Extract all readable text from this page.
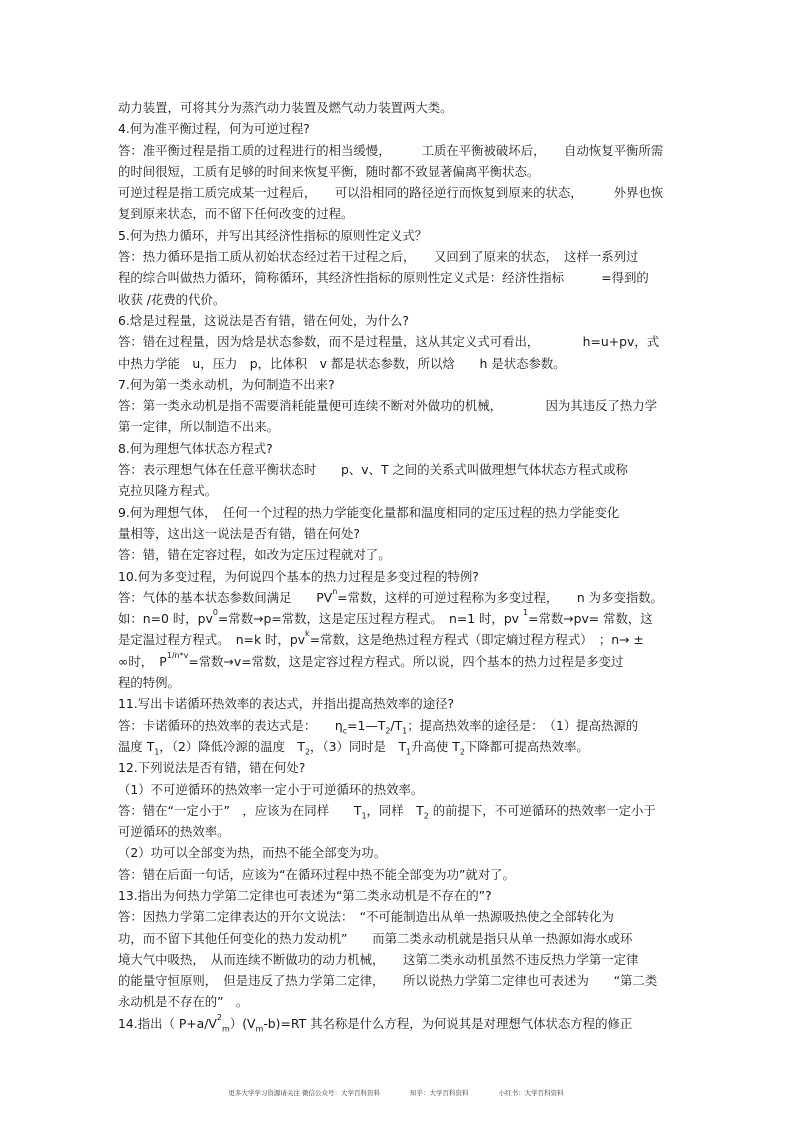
动力装置，可将其分为蒸汽动力装置及燃气动力装置两大类。
4.何为准平衡过程，何为可逆过程?
答：准平衡过程是指工质的过程进行的相当缓慢，　　　工质在平衡被破坏后，　　自动恢复平衡所需
的时间很短，工质有足够的时间来恢复平衡，随时都不致显著偏离平衡状态。
可逆过程是指工质完成某一过程后，　　可以沿相同的路径逆行而恢复到原来的状态，　　　外界也恢
复到原来状态，而不留下任何改变的过程。
5.何为热力循环，并写出其经济性指标的原则性定义式？
答：热力循环是指工质从初始状态经过若干过程之后，　　又回到了原来的状态，　这样一系列过
程的综合叫做热力循环，简称循环，其经济性指标的原则性定义式是：经济性指标　　　=得到的
收获 /花费的代价。
6.焓是过程量，这说法是否有错，错在何处，为什么?
答：错在过程量，因为焓是状态参数，而不是过程量，这从其定义式可看出，　　　　h=u+pv，式
中热力学能　u，压力　p，比体积　v 都是状态参数，所以焓　　h 是状态参数。
7.何为第一类永动机，为何制造不出来?
答：第一类永动机是指不需要消耗能量便可连续不断对外做功的机械，　　　　因为其违反了热力学
第一定律，所以制造不出来。
8.何为理想气体状态方程式?
答：表示理想气体在任意平衡状态时　　p、v、T 之间的关系式叫做理想气体状态方程式或称
克拉贝隆方程式。
9.何为理想气体，　任何一个过程的热力学能变化量都和温度相同的定压过程的热力学能变化
量相等，这出这一说法是否有错，错在何处?
答：错，错在定容过程，如改为定压过程就对了。
10.何为多变过程，为何说四个基本的热力过程是多变过程的特例?
答：气体的基本状态参数间满足　　$PV^n=$常数，这样的可逆过程称为多变过程，　　n 为多变指数。
如：n=0 时，$pv^0=$常数→p=常数，这是定压过程方程式。　n=1 时，pv $^1$=常数→pv= 常数，这
是定温过程方程式。　n=k 时，$pv^k=$常数，这是绝热过程方程式（即定熵过程方程式）　；n→ ±
∞时，　$P^{1/n*v}=$常数→v=常数，这是定容过程方程式。所以说，四个基本的热力过程是多变过
程的特例。
11.写出卡诺循环热效率的表达式，并指出提高热效率的途径?
答：卡诺循环的热效率的表达式是：　　$\eta_c=1—T_2/T_1$；提高热效率的途径是：　（1）提高热源的
温度 $T_1$，（2）降低冷源的温度　$T_2$，（3）同时是　$T_1$升高使 $T_2$下降都可提高热效率。
12.下列说法是否有错，错在何处?
（1）不可逆循环的热效率一定小于可逆循环的热效率。
答：错在“一定小于”　，应该为在同样　　$T_1$，同样　$T_2$ 的前提下，不可逆循环的热效率一定小于
可逆循环的热效率。
（2）功可以全部变为热，而热不能全部变为功。
答：错在后面一句话，应该为“在循环过程中热不能全部变为功”就对了。
13.指出为何热力学第二定律也可表述为“第二类永动机是不存在的”?
答：因热力学第二定律表达的开尔文说法：　“不可能制造出从单一热源吸热使之全部转化为
功，而不留下其他任何变化的热力发动机”　　而第二类永动机就是指只从单一热源如海水或环
境大气中吸热，　从而连续不断做功的动力机械，　　这第二类永动机虽然不违反热力学第一定律
的能量守恒原则，　但是违反了热力学第二定律，　　所以说热力学第二定律也可表述为　　“第二类
永动机是不存在的”　。
14.指出（ $P+a/V^2_m)(V_m-b)=RT$ 其名称是什么方程，为何说其是对理想气体状态方程的修正
更多大学学习资源请关注 微信公众号：大学百科资料	知乎：大学百科资料	小红书：大学百科资料
